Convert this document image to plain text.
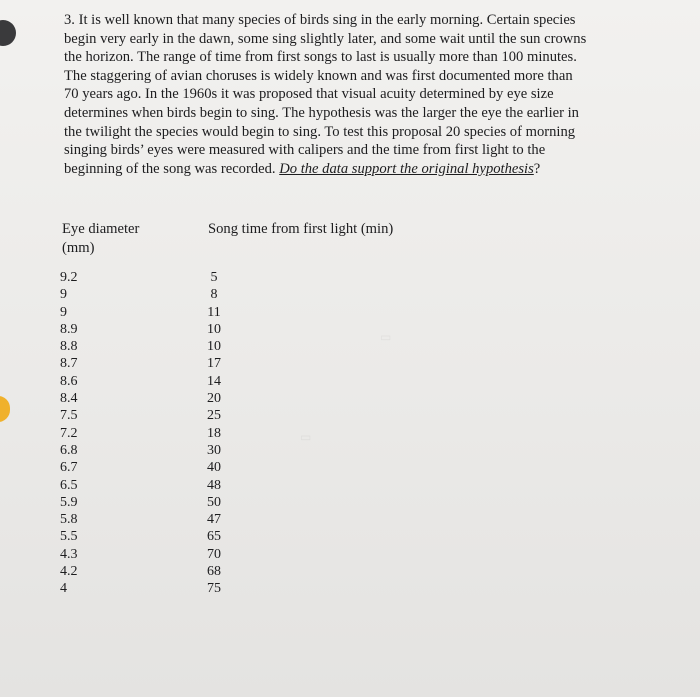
▭
▭
3. It is well known that many species of birds sing in the early morning. Certain species
begin very early in the dawn, some sing slightly later, and some wait until the sun crowns
the horizon. The range of time from first songs to last is usually more than 100 minutes.
The staggering of avian choruses is widely known and was first documented more than
70 years ago. In the 1960s it was proposed that visual acuity determined by eye size
determines when birds begin to sing. The hypothesis was the larger the eye the earlier in
the twilight the species would begin to sing. To test this proposal 20 species of morning
singing birds’ eyes were measured with calipers and the time from first light to the
beginning of the song was recorded. Do the data support the original hypothesis?
Eye diameter (mm)
Song time from first light (min)
9.2
9
9
8.9
8.8
8.7
8.6
8.4
7.5
7.2
6.8
6.7
6.5
5.9
5.8
5.5
4.3
4.2
4
5
8
11
10
10
17
14
20
25
18
30
40
48
50
47
65
70
68
75
